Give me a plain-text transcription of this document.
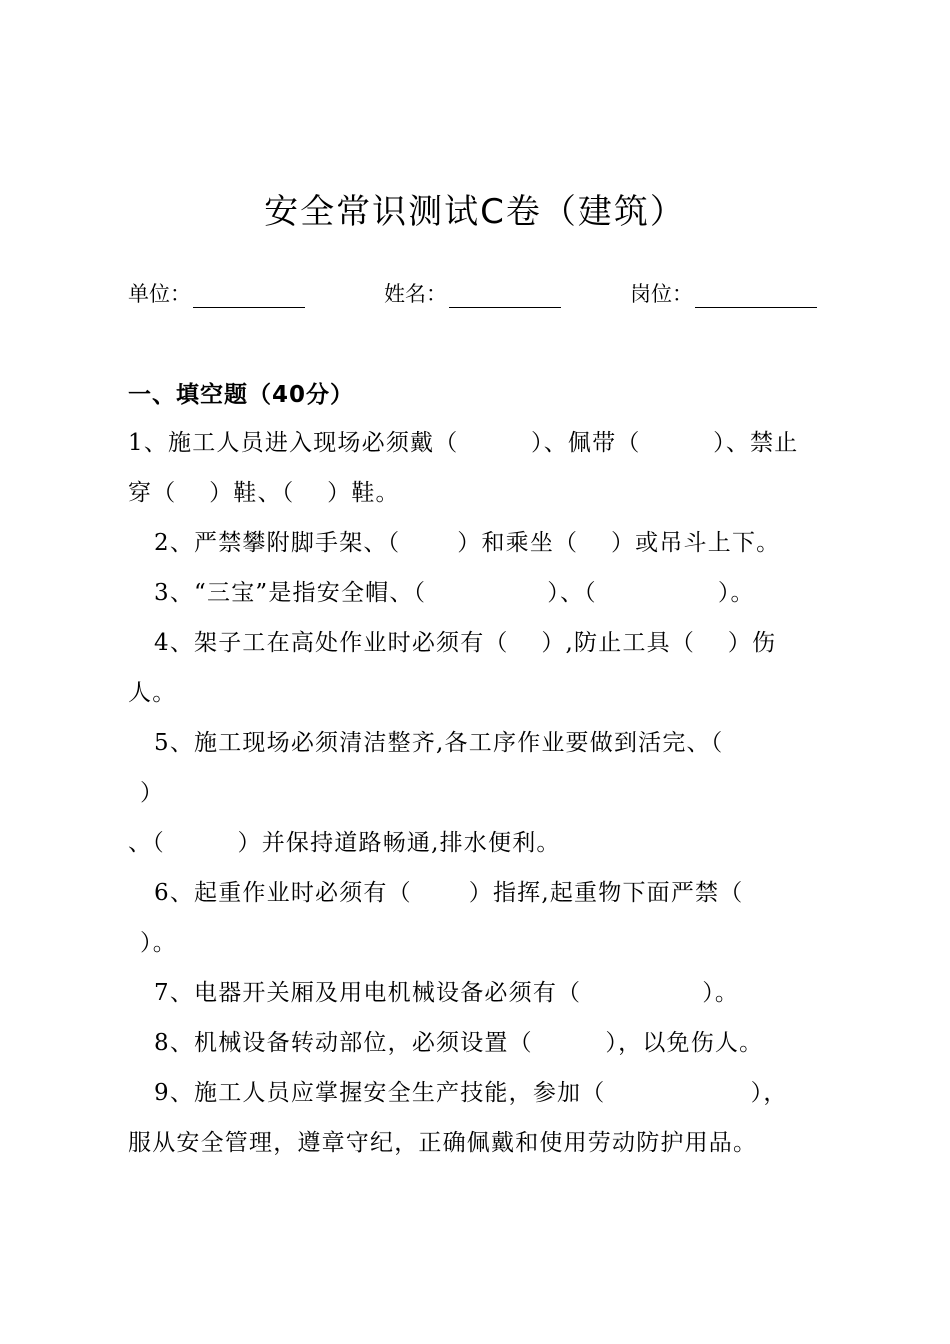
安全常识测试C卷（建筑）
单位：	姓名：	岗位：
一、填空题（40分）
1、施工人员进入现场必须戴（　　　）、佩带（　　　）、禁止
穿（　 ）鞋、（　 ）鞋。
2、严禁攀附脚手架、（　　 ）和乘坐（　 ）或吊斗上下。
3、“三宝”是指安全帽、（　　　　　）、（　　　　　）。
4、架子工在高处作业时必须有（　 ）,防止工具（　 ）伤
人。
5、施工现场必须清洁整齐,各工序作业要做到活完、（
）
、（　　　）并保持道路畅通,排水便利。
6、起重作业时必须有（　　 ）指挥,起重物下面严禁（
）。
7、电器开关厢及用电机械设备必须有（　　　　　）。
8、机械设备转动部位，必须设置（　　　），以免伤人。
9、施工人员应掌握安全生产技能，参加（　　　　　　），
服从安全管理，遵章守纪，正确佩戴和使用劳动防护用品。
